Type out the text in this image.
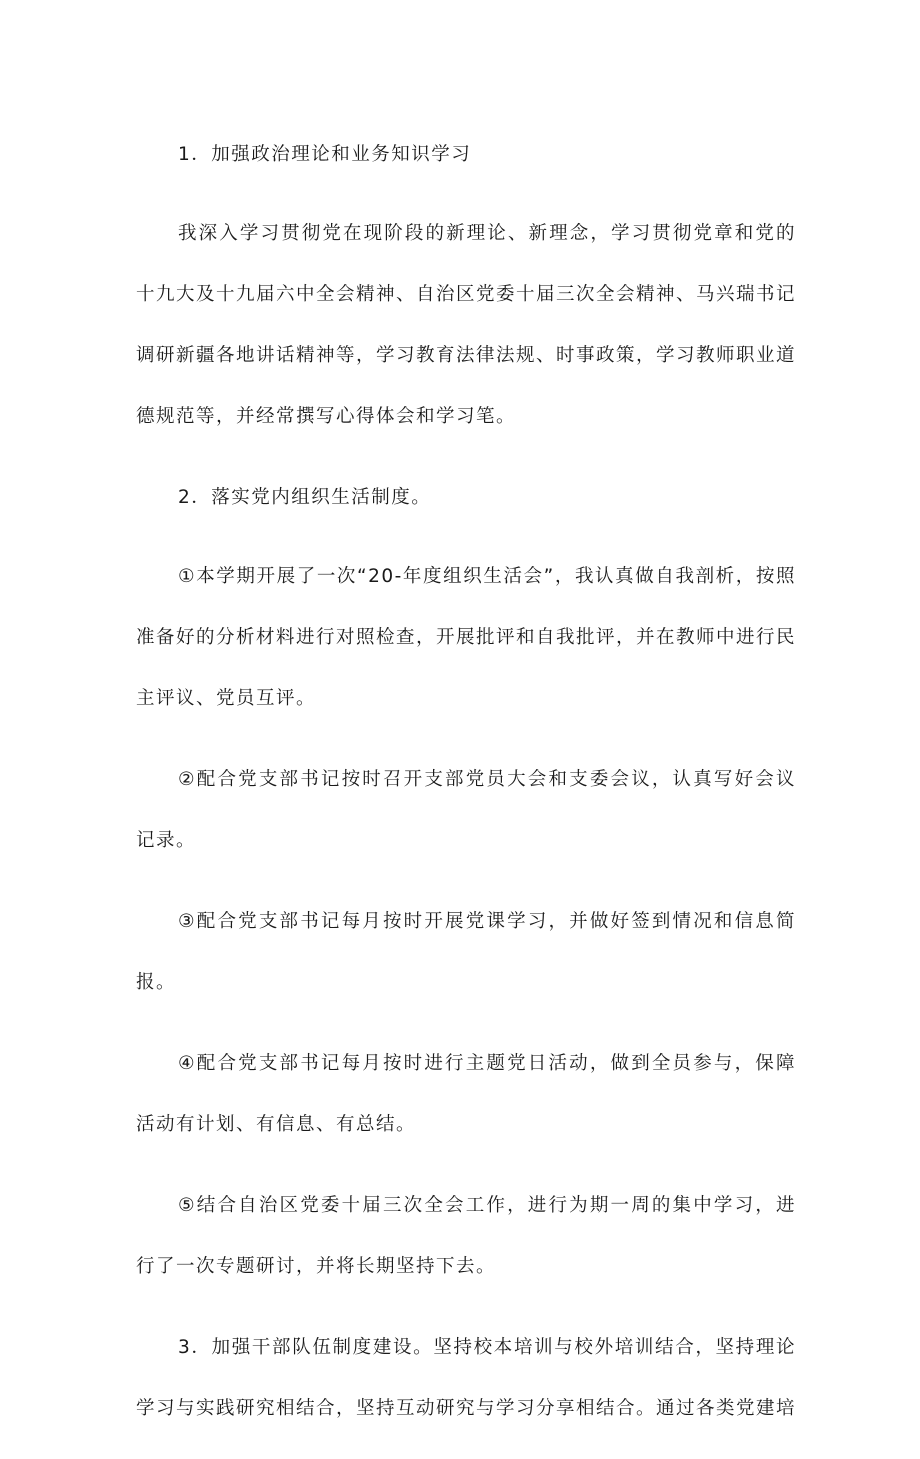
1．加强政治理论和业务知识学习

我深入学习贯彻党在现阶段的新理论、新理念，学习贯彻党章和党的十九大及十九届六中全会精神、自治区党委十届三次全会精神、马兴瑞书记调研新疆各地讲话精神等，学习教育法律法规、时事政策，学习教师职业道德规范等，并经常撰写心得体会和学习笔。

2．落实党内组织生活制度。

①本学期开展了一次“20-年度组织生活会”，我认真做自我剖析，按照准备好的分析材料进行对照检查，开展批评和自我批评，并在教师中进行民主评议、党员互评。

②配合党支部书记按时召开支部党员大会和支委会议，认真写好会议记录。

③配合党支部书记每月按时开展党课学习，并做好签到情况和信息简报。

④配合党支部书记每月按时进行主题党日活动，做到全员参与，保障活动有计划、有信息、有总结。

⑤结合自治区党委十届三次全会工作，进行为期一周的集中学习，进行了一次专题研讨，并将长期坚持下去。

3．加强干部队伍制度建设。坚持校本培训与校外培训结合，坚持理论学习与实践研究相结合，坚持互动研究与学习分享相结合。通过各类党建培
